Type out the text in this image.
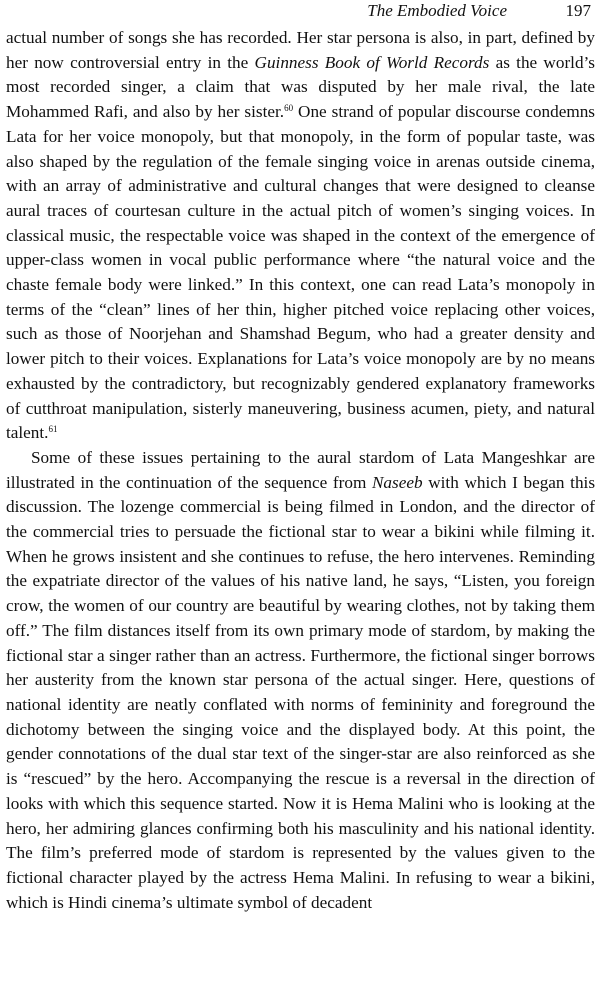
The Embodied Voice	197

actual number of songs she has recorded. Her star persona is also, in part, defined by her now controversial entry in the Guinness Book of World Records as the world’s most recorded singer, a claim that was disputed by her male rival, the late Mohammed Rafi, and also by her sister.$^{60}$ One strand of popular discourse condemns Lata for her voice monopoly, but that monopoly, in the form of popular taste, was also shaped by the regulation of the female singing voice in arenas outside cinema, with an array of administrative and cultural changes that were designed to cleanse aural traces of courtesan culture in the actual pitch of women’s singing voices. In classical music, the respectable voice was shaped in the context of the emergence of upper-class women in vocal public performance where “the natural voice and the chaste female body were linked.” In this context, one can read Lata’s monopoly in terms of the “clean” lines of her thin, higher pitched voice replacing other voices, such as those of Noorjehan and Shamshad Begum, who had a greater density and lower pitch to their voices. Explanations for Lata’s voice monopoly are by no means exhausted by the contradictory, but recognizably gendered explanatory frameworks of cutthroat manipulation, sisterly maneuvering, business acumen, piety, and natural talent.$^{61}$

Some of these issues pertaining to the aural stardom of Lata Mangeshkar are illustrated in the continuation of the sequence from Naseeb with which I began this discussion. The lozenge commercial is being filmed in London, and the director of the commercial tries to persuade the fictional star to wear a bikini while filming it. When he grows insistent and she continues to refuse, the hero intervenes. Reminding the expatriate director of the values of his native land, he says, “Listen, you foreign crow, the women of our country are beautiful by wearing clothes, not by taking them off.” The film distances itself from its own primary mode of stardom, by making the fictional star a singer rather than an actress. Furthermore, the fictional singer borrows her austerity from the known star persona of the actual singer. Here, questions of national identity are neatly conflated with norms of femininity and foreground the dichotomy between the singing voice and the displayed body. At this point, the gender connotations of the dual star text of the singer-star are also reinforced as she is “rescued” by the hero. Accompanying the rescue is a reversal in the direction of looks with which this sequence started. Now it is Hema Malini who is looking at the hero, her admiring glances confirming both his masculinity and his national identity. The film’s preferred mode of stardom is represented by the values given to the fictional character played by the actress Hema Malini. In refusing to wear a bikini, which is Hindi cinema’s ultimate symbol of decadent
